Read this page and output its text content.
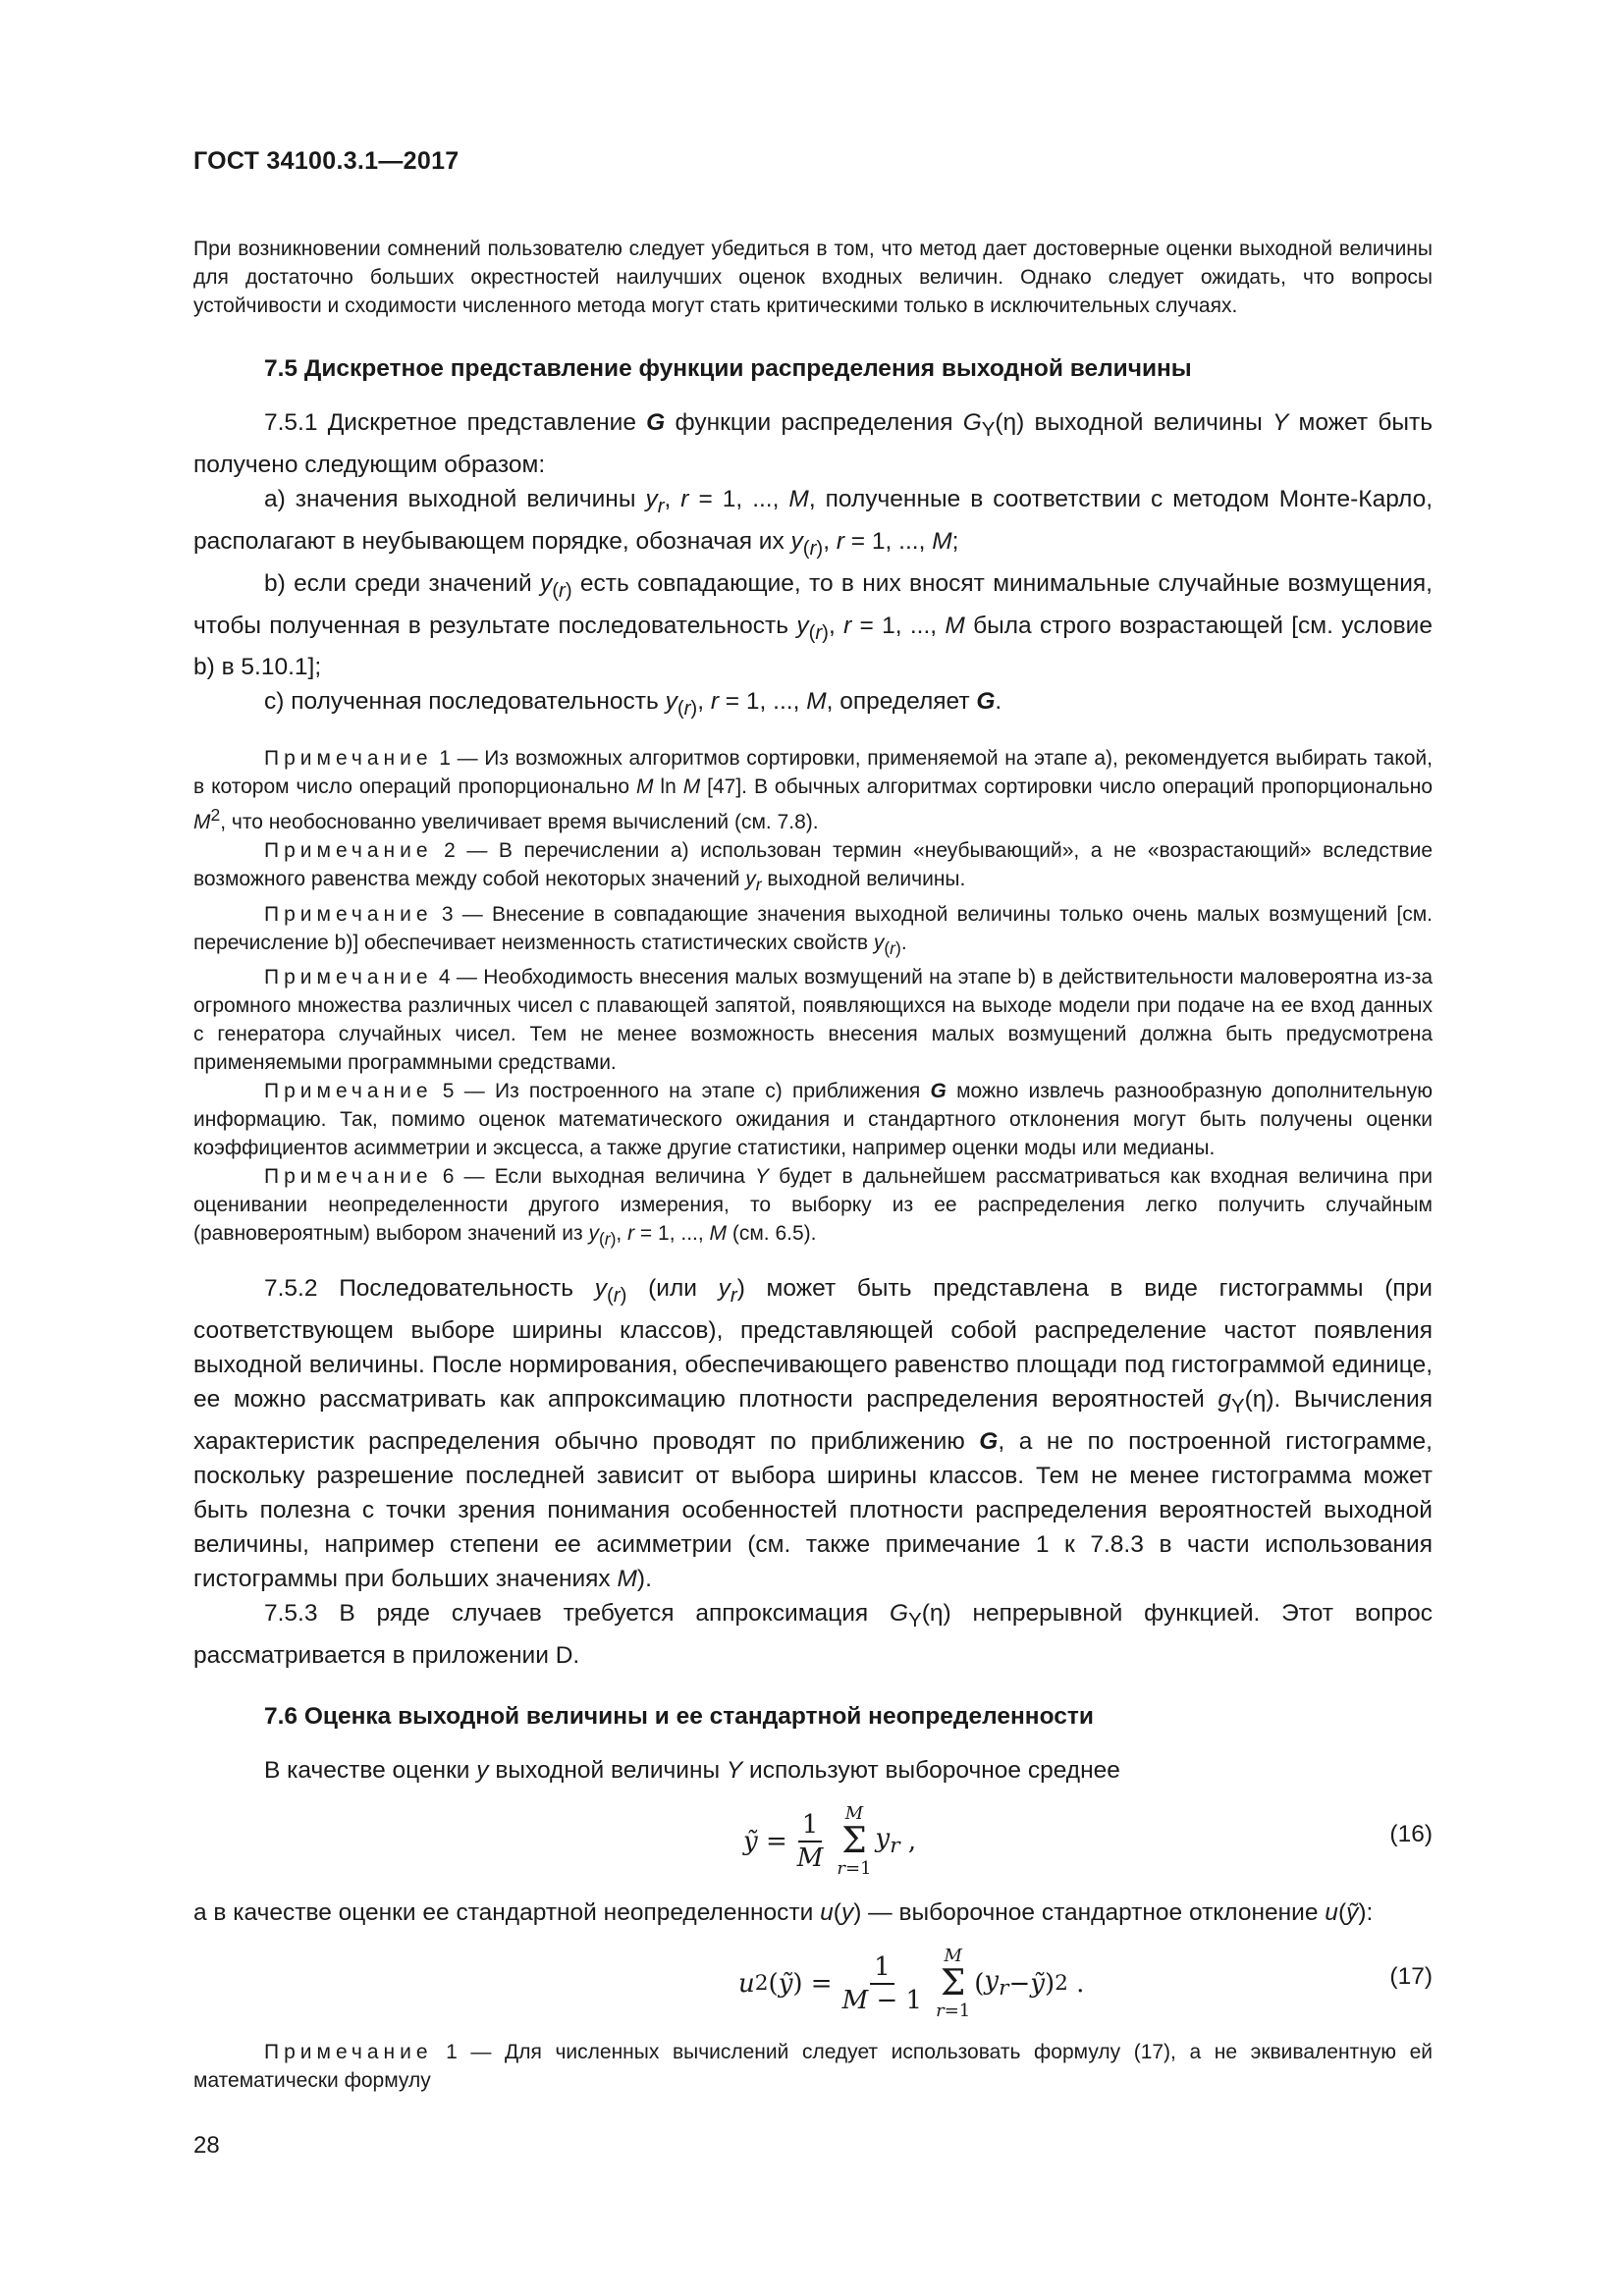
ГОСТ 34100.3.1—2017

При возникновении сомнений пользователю следует убедиться в том, что метод дает достоверные оценки выходной величины для достаточно больших окрестностей наилучших оценок входных величин. Однако следует ожидать, что вопросы устойчивости и сходимости численного метода могут стать критическими только в исключительных случаях.

7.5 Дискретное представление функции распределения выходной величины

7.5.1 Дискретное представление G функции распределения $G_Y(\eta)$ выходной величины Y может быть получено следующим образом:

a) значения выходной величины $y_r$, r = 1, ..., M, полученные в соответствии с методом Монте-Карло, располагают в неубывающем порядке, обозначая их $y_{(r)}$, r = 1, ..., M;

b) если среди значений $y_{(r)}$ есть совпадающие, то в них вносят минимальные случайные возмущения, чтобы полученная в результате последовательность $y_{(r)}$, r = 1, ..., M была строго возрастающей [см. условие b) в 5.10.1];

c) полученная последовательность $y_{(r)}$, r = 1, ..., M, определяет G.

Примечание 1 — Из возможных алгоритмов сортировки, применяемой на этапе a), рекомендуется выбирать такой, в котором число операций пропорционально M ln M [47]. В обычных алгоритмах сортировки число операций пропорционально $M^2$, что необоснованно увеличивает время вычислений (см. 7.8).

Примечание 2 — В перечислении a) использован термин «неубывающий», а не «возрастающий» вследствие возможного равенства между собой некоторых значений $y_r$ выходной величины.

Примечание 3 — Внесение в совпадающие значения выходной величины только очень малых возмущений [см. перечисление b)] обеспечивает неизменность статистических свойств $y_{(r)}$.

Примечание 4 — Необходимость внесения малых возмущений на этапе b) в действительности маловероятна из-за огромного множества различных чисел с плавающей запятой, появляющихся на выходе модели при подаче на ее вход данных с генератора случайных чисел. Тем не менее возможность внесения малых возмущений должна быть предусмотрена применяемыми программными средствами.

Примечание 5 — Из построенного на этапе c) приближения G можно извлечь разнообразную дополнительную информацию. Так, помимо оценок математического ожидания и стандартного отклонения могут быть получены оценки коэффициентов асимметрии и эксцесса, а также другие статистики, например оценки моды или медианы.

Примечание 6 — Если выходная величина Y будет в дальнейшем рассматриваться как входная величина при оценивании неопределенности другого измерения, то выборку из ее распределения легко получить случайным (равновероятным) выбором значений из $y_{(r)}$, r = 1, ..., M (см. 6.5).

7.5.2 Последовательность $y_{(r)}$ (или $y_r$) может быть представлена в виде гистограммы (при соответствующем выборе ширины классов), представляющей собой распределение частот появления выходной величины. После нормирования, обеспечивающего равенство площади под гистограммой единице, ее можно рассматривать как аппроксимацию плотности распределения вероятностей $g_Y(\eta)$. Вычисления характеристик распределения обычно проводят по приближению G, а не по построенной гистограмме, поскольку разрешение последней зависит от выбора ширины классов. Тем не менее гистограмма может быть полезна с точки зрения понимания особенностей плотности распределения вероятностей выходной величины, например степени ее асимметрии (см. также примечание 1 к 7.8.3 в части использования гистограммы при больших значениях M).

7.5.3 В ряде случаев требуется аппроксимация $G_Y(\eta)$ непрерывной функцией. Этот вопрос рассматривается в приложении D.

7.6 Оценка выходной величины и ее стандартной неопределенности

В качестве оценки y выходной величины Y используют выборочное среднее

ỹ = $\frac{1}{M}$ M
Σ
r=1
$y_r$ ,	(16)

а в качестве оценки ее стандартной неопределенности u(y) — выборочное стандартное отклонение u(ỹ):

u 2 ( ỹ ) = $\frac{1}{M - 1}$ M
Σ
r=1
( $y_r$ − ỹ ) 2 .	(17)

Примечание 1 — Для численных вычислений следует использовать формулу (17), а не эквивалентную ей математически формулу

28
